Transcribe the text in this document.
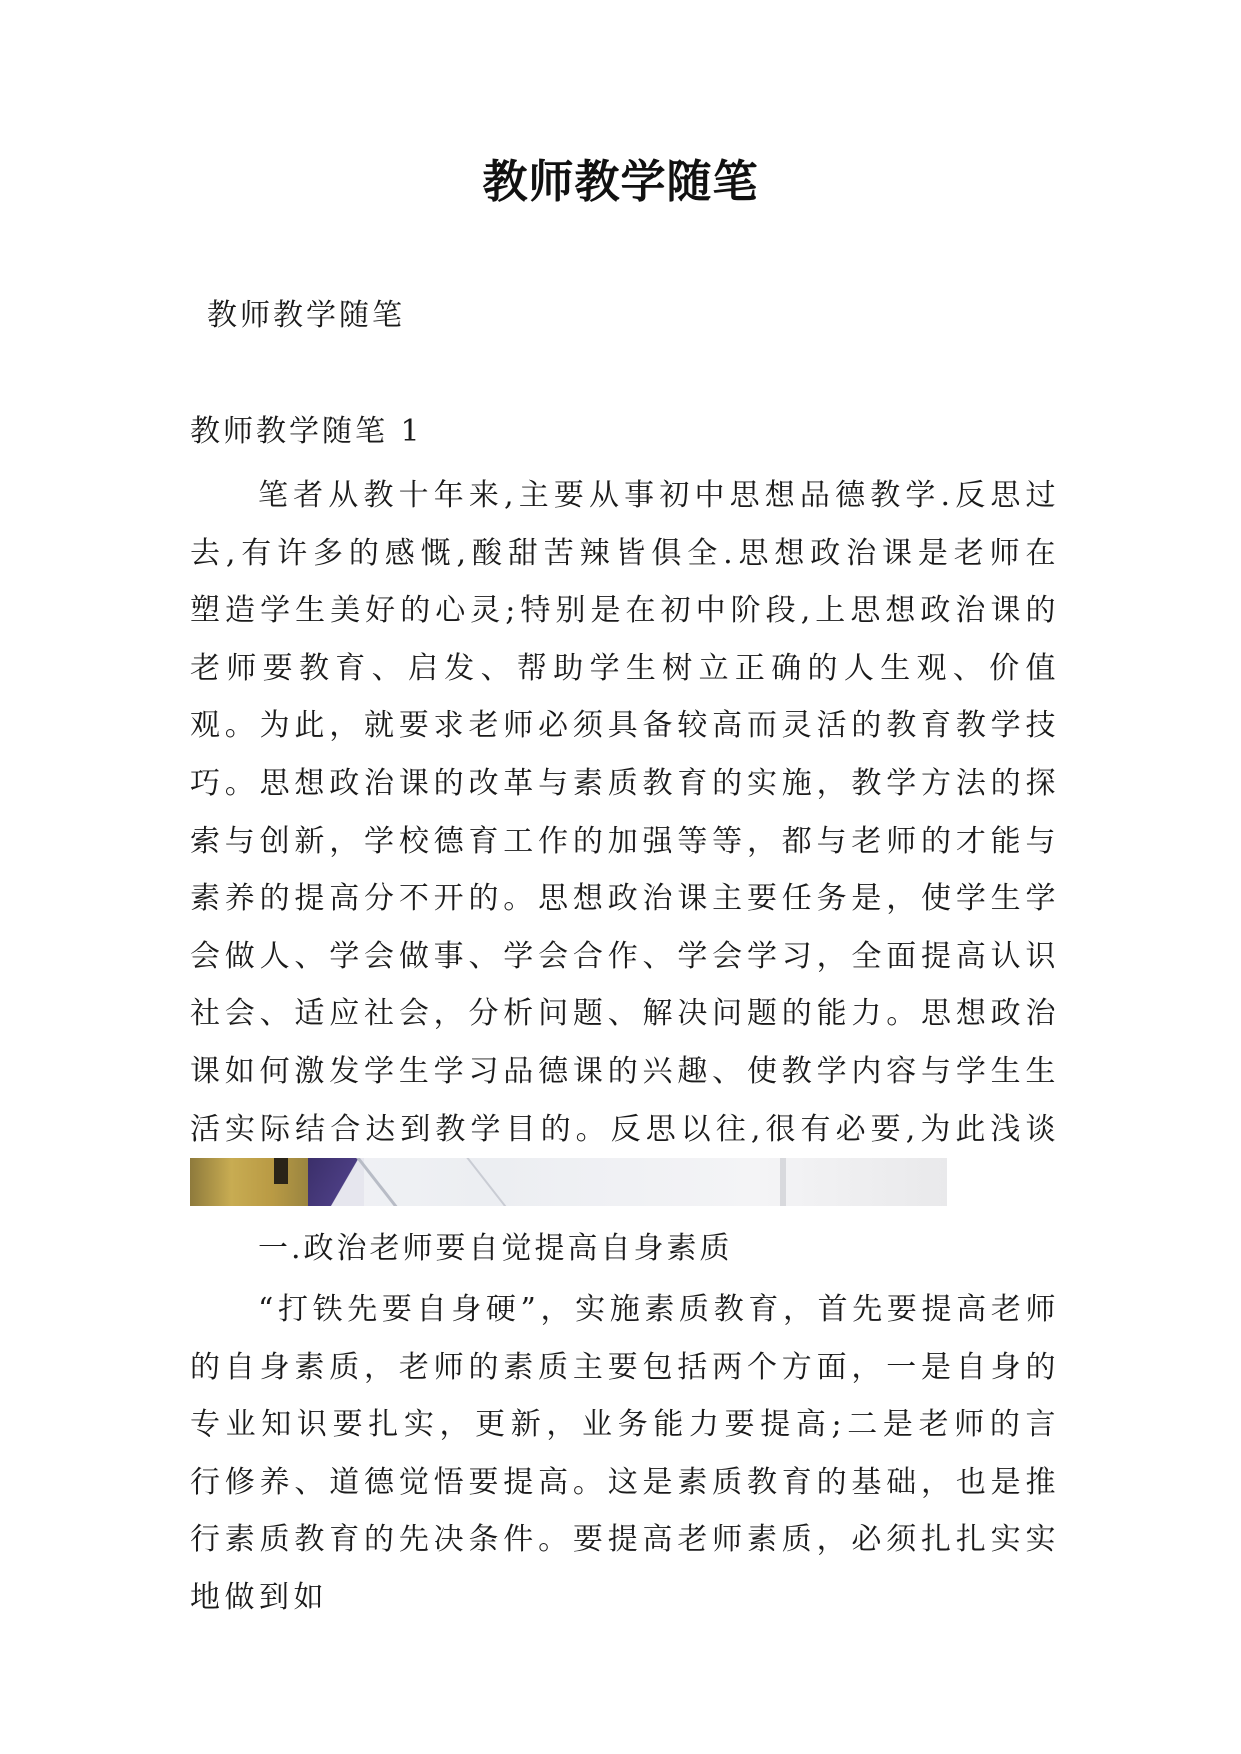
教师教学随笔
教师教学随笔
教师教学随笔 1

笔者从教十年来,主要从事初中思想品德教学.反思过去,有许多的感慨,酸甜苦辣皆俱全.思想政治课是老师在塑造学生美好的心灵;特别是在初中阶段,上思想政治课的老师要教育、启发、帮助学生树立正确的人生观、价值观。为此，就要求老师必须具备较高而灵活的教育教学技巧。思想政治课的改革与素质教育的实施，教学方法的探索与创新，学校德育工作的加强等等，都与老师的才能与素养的提高分不开的。思想政治课主要任务是，使学生学会做人、学会做事、学会合作、学会学习，全面提高认识社会、适应社会，分析问题、解决问题的能力。思想政治课如何激发学生学习品德课的兴趣、使教学内容与学生生活实际结合达到教学目的。反思以往,很有必要,为此浅谈

一.政治老师要自觉提高自身素质

“打铁先要自身硬”，实施素质教育，首先要提高老师的自身素质，老师的素质主要包括两个方面，一是自身的专业知识要扎实，更新，业务能力要提高;二是老师的言行修养、道德觉悟要提高。这是素质教育的基础，也是推行素质教育的先决条件。要提高老师素质，必须扎扎实实地做到如
